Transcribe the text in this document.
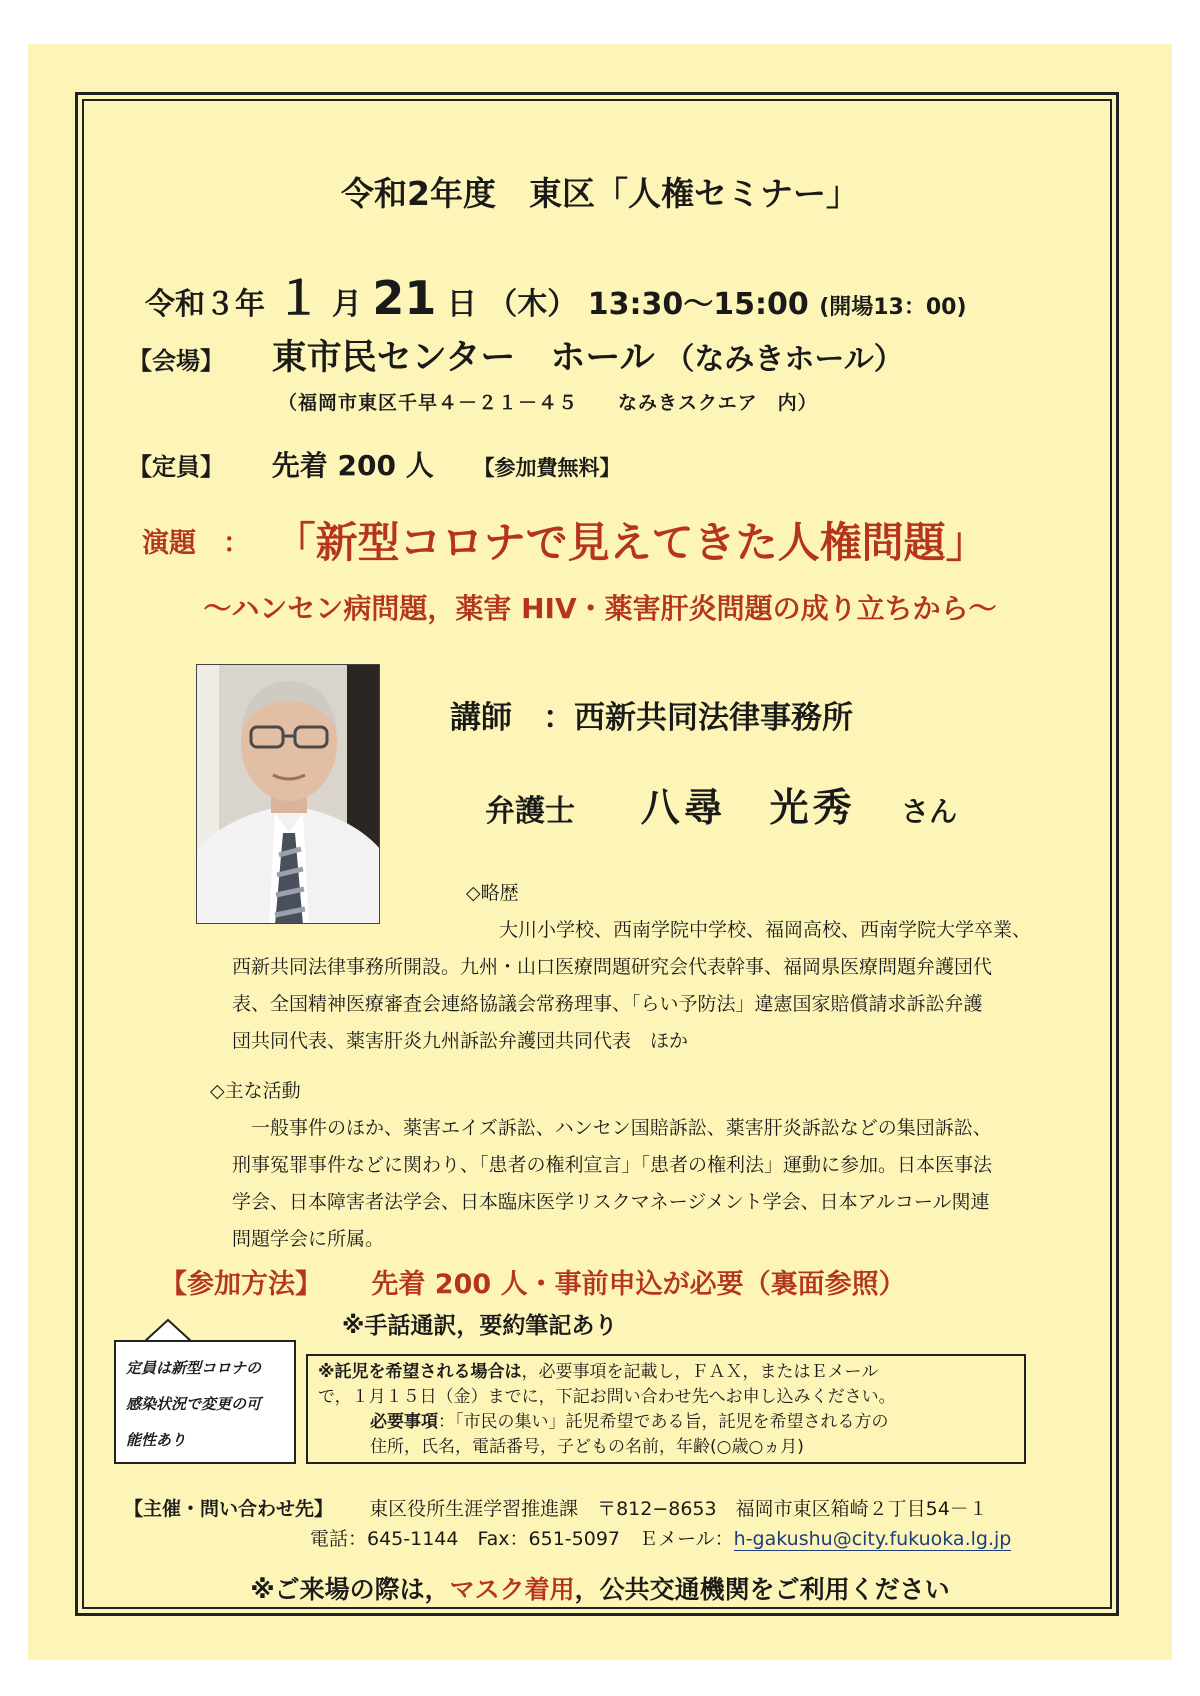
令和2年度　東区「人権セミナー」
令和３年 １ 月 21 日 （木） 13:30～15:00 (開場13：00)
【会場】 東市民センター　ホール （なみきホール）
（福岡市東区千早４－２１－４５　　なみきスクエア　内）
【定員】 先着 200 人 【参加費無料】
演題　： 「新型コロナで見えてきた人権問題」
～ハンセン病問題，薬害 HIV・薬害肝炎問題の成り立ちから～
講師　：西新共同法律事務所
弁護士 八尋　光秀 さん
◇略歴

　大川小学校、西南学院中学校、福岡高校、西南学院大学卒業、

西新共同法律事務所開設。九州・山口医療問題研究会代表幹事、福岡県医療問題弁護団代

表、全国精神医療審査会連絡協議会常務理事、「らい予防法」違憲国家賠償請求訴訟弁護

団共同代表、薬害肝炎九州訴訟弁護団共同代表　ほか

◇主な活動

　一般事件のほか、薬害エイズ訴訟、ハンセン国賠訴訟、薬害肝炎訴訟などの集団訴訟、

刑事冤罪事件などに関わり、「患者の権利宣言」「患者の権利法」運動に参加。日本医事法

学会、日本障害者法学会、日本臨床医学リスクマネージメント学会、日本アルコール関連

問題学会に所属。

【参加方法】 先着 200 人・事前申込が必要（裏面参照）
※手話通訳，要約筆記あり

定員は新型コロナの

感染状況で変更の可

能性あり

※託児を希望される場合は，必要事項を記載し，ＦＡＸ，またはＥメール

で，１月１５日（金）までに，下記お問い合わせ先へお申し込みください。

必要事項：「市民の集い」託児希望である旨，託児を希望される方の

住所，氏名，電話番号，子どもの名前，年齢(○歳○ヵ月)

【主催・問い合わせ先】 東区役所生涯学習推進課　〒812−8653　福岡市東区箱崎２丁目54－１
電話：645-1144　Fax：651-5097　Ｅメール：h-gakushu@city.fukuoka.lg.jp
※ご来場の際は，マスク着用，公共交通機関をご利用ください
